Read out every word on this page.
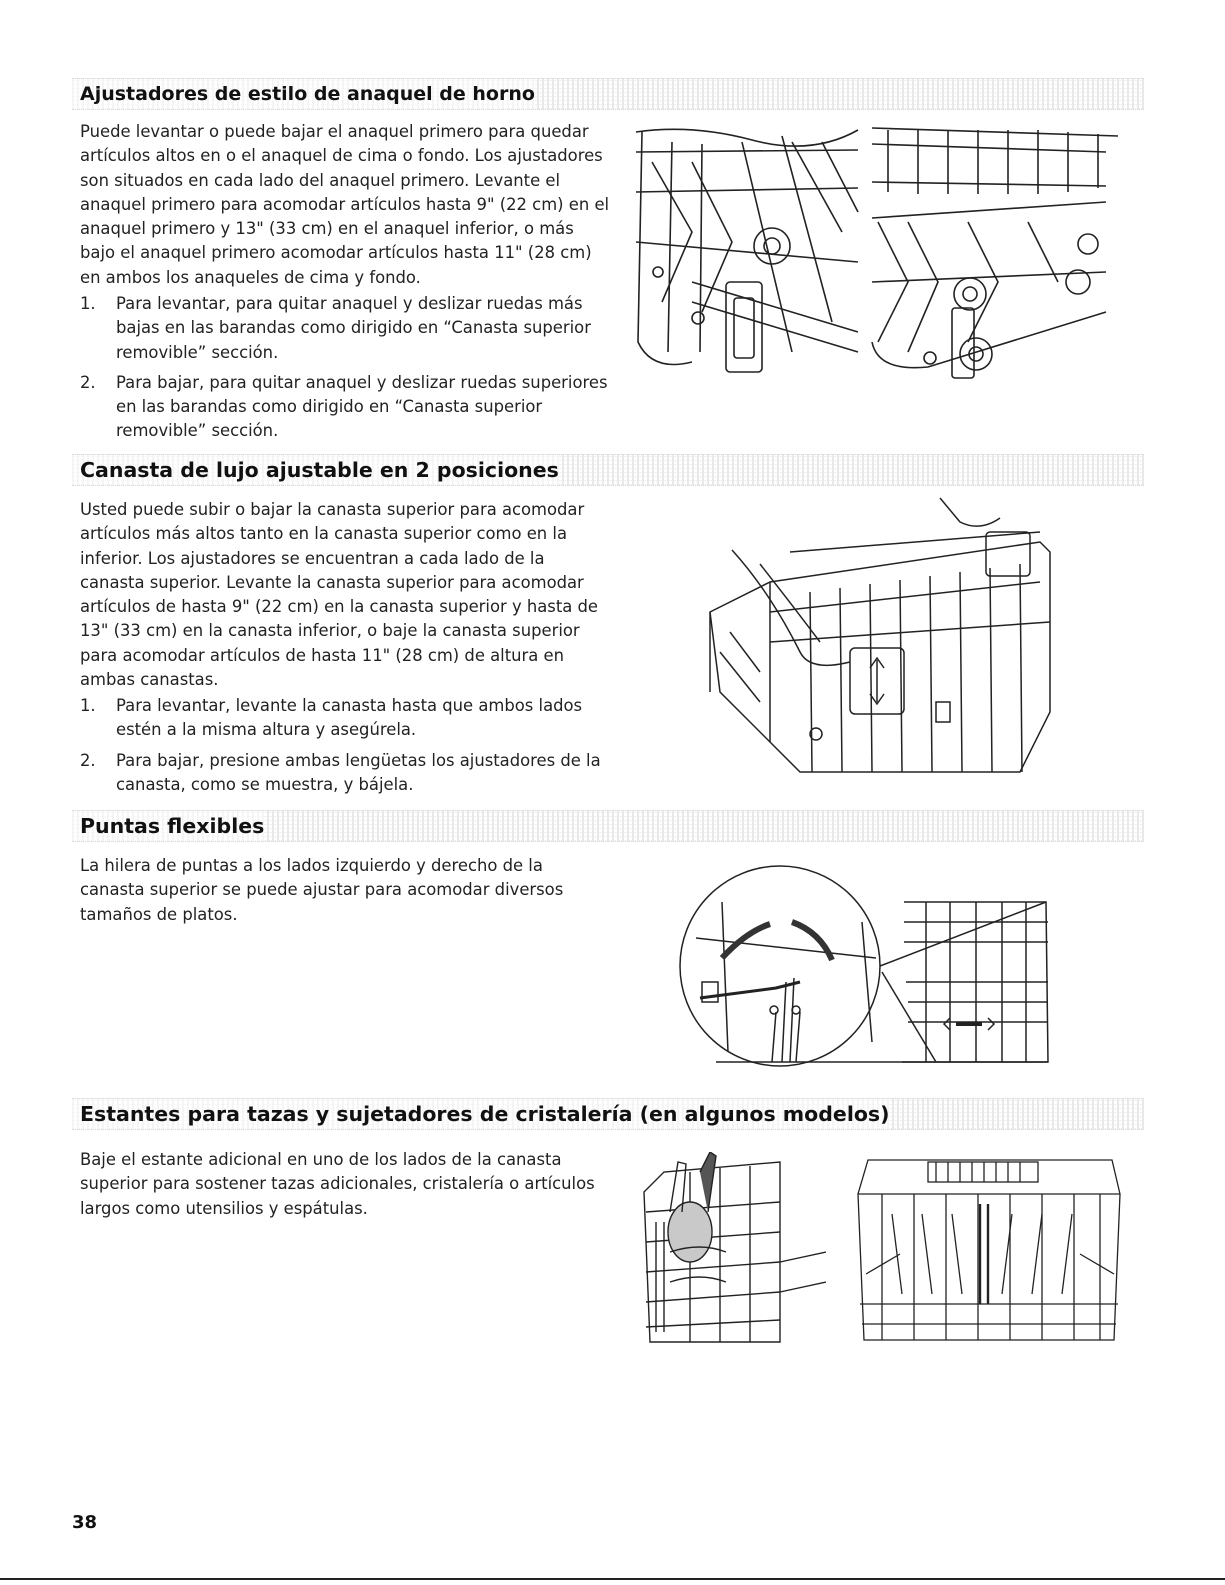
Ajustadores de estilo de anaquel de horno

Puede levantar o puede bajar el anaquel primero para quedar artículos altos en o el anaquel de cima o fondo. Los ajustadores son situados en cada lado del anaquel primero. Levante el anaquel primero para acomodar artículos hasta 9" (22 cm) en el anaquel primero y 13" (33 cm) en el anaquel inferior, o más bajo el anaquel primero acomodar artículos hasta 11" (28 cm) en ambos los anaqueles de cima y fondo.

1.	Para levantar, para quitar anaquel y deslizar ruedas más bajas en las barandas como dirigido en “Canasta superior removible” sección.
2.	Para bajar, para quitar anaquel y deslizar ruedas superiores en las barandas como dirigido en “Canasta superior removible” sección.
Canasta de lujo ajustable en 2 posiciones

Usted puede subir o bajar la canasta superior para acomodar artículos más altos tanto en la canasta superior como en la inferior. Los ajustadores se encuentran a cada lado de la canasta superior. Levante la canasta superior para acomodar artículos de hasta 9" (22 cm) en la canasta superior y hasta de 13" (33 cm) en la canasta inferior, o baje la canasta superior para acomodar artículos de hasta 11" (28 cm) de altura en ambas canastas.

1.	Para levantar, levante la canasta hasta que ambos lados estén a la misma altura y asegúrela.
2.	Para bajar, presione ambas lengüetas los ajustadores de la canasta, como se muestra, y bájela.
Puntas flexibles

La hilera de puntas a los lados izquierdo y derecho de la canasta superior se puede ajustar para acomodar diversos tamaños de platos.

Estantes para tazas y sujetadores de cristalería (en algunos modelos)

Baje el estante adicional en uno de los lados de la canasta superior para sostener tazas adicionales, cristalería o artículos largos como utensilios y espátulas.

38
